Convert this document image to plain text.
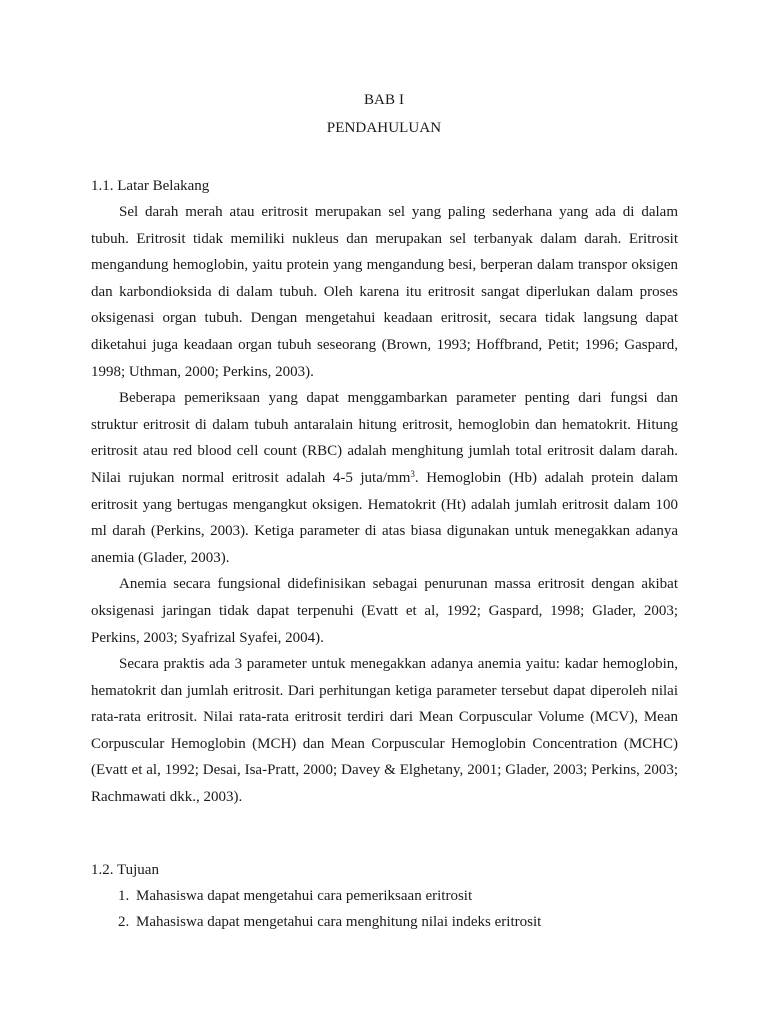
BAB I
PENDAHULUAN
1.1. Latar Belakang

Sel darah merah atau eritrosit merupakan sel yang paling sederhana yang ada di dalam tubuh. Eritrosit tidak memiliki nukleus dan merupakan sel terbanyak dalam darah. Eritrosit mengandung hemoglobin, yaitu protein yang mengandung besi, berperan dalam transpor oksigen dan karbondioksida di dalam tubuh. Oleh karena itu eritrosit sangat diperlukan dalam proses oksigenasi organ tubuh. Dengan mengetahui keadaan eritrosit, secara tidak langsung dapat diketahui juga keadaan organ tubuh seseorang (Brown, 1993; Hoffbrand, Petit; 1996; Gaspard, 1998; Uthman, 2000; Perkins, 2003).

Beberapa pemeriksaan yang dapat menggambarkan parameter penting dari fungsi dan struktur eritrosit di dalam tubuh antaralain hitung eritrosit, hemoglobin dan hematokrit. Hitung eritrosit atau red blood cell count (RBC) adalah menghitung jumlah total eritrosit dalam darah. Nilai rujukan normal eritrosit adalah 4-5 juta/$mm^3$. Hemoglobin (Hb) adalah protein dalam eritrosit yang bertugas mengangkut oksigen. Hematokrit (Ht) adalah jumlah eritrosit dalam 100 ml darah (Perkins, 2003). Ketiga parameter di atas biasa digunakan untuk menegakkan adanya anemia (Glader, 2003).

Anemia secara fungsional didefinisikan sebagai penurunan massa eritrosit dengan akibat oksigenasi jaringan tidak dapat terpenuhi (Evatt et al, 1992; Gaspard, 1998; Glader, 2003; Perkins, 2003; Syafrizal Syafei, 2004).

Secara praktis ada 3 parameter untuk menegakkan adanya anemia yaitu: kadar hemoglobin, hematokrit dan jumlah eritrosit. Dari perhitungan ketiga parameter tersebut dapat diperoleh nilai rata-rata eritrosit. Nilai rata-rata eritrosit terdiri dari Mean Corpuscular Volume (MCV), Mean Corpuscular Hemoglobin (MCH) dan Mean Corpuscular Hemoglobin Concentration (MCHC) (Evatt et al, 1992; Desai, Isa-Pratt, 2000; Davey & Elghetany, 2001; Glader, 2003; Perkins, 2003; Rachmawati dkk., 2003).

1.2. Tujuan
1. Mahasiswa dapat mengetahui cara pemeriksaan eritrosit
2. Mahasiswa dapat mengetahui cara menghitung nilai indeks eritrosit
